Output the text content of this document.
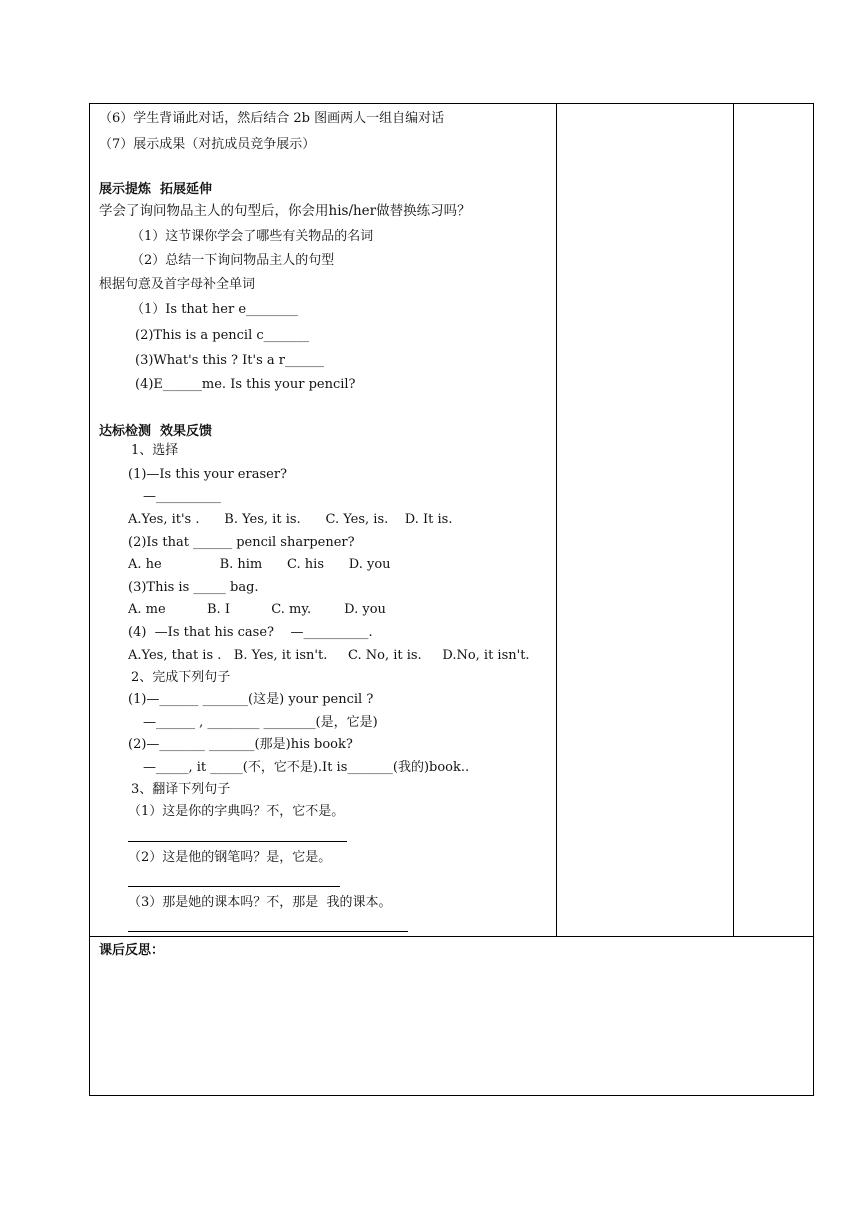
（6）学生背诵此对话，然后结合 2b 图画两人一组自编对话
（7）展示成果（对抗成员竞争展示）
展示提炼  拓展延伸
学会了询问物品主人的句型后，你会用his/her做替换练习吗？
（1）这节课你学会了哪些有关物品的名词
（2）总结一下询问物品主人的句型
根据句意及首字母补全单词
（1）Is that her e________
(2)This is a pencil c_______
(3)What's this ? It's a r______
(4)E______me. Is this your pencil?
达标检测  效果反馈
1、选择
(1)—Is this your eraser?
—__________
A.Yes, it's .      B. Yes, it is.      C. Yes, is.    D. It is.
(2)Is that ______ pencil sharpener?
A. he              B. him      C. his      D. you
(3)This is _____ bag.
A. me          B. I          C. my.        D. you
(4)  —Is that his case?    —__________.
A.Yes, that is .   B. Yes, it isn't.     C. No, it is.     D.No, it isn't.
2、完成下列句子
(1)—______ _______(这是) your pencil ?
—______ , ________ ________(是，它是)
(2)—_______ _______(那是)his book?
—_____, it _____(不，它不是).It is_______(我的)book..
3、翻译下列句子
（1）这是你的字典吗？不，它不是。
（2）这是他的钢笔吗？是，它是。
（3）那是她的课本吗？不，那是  我的课本。
课后反思：
